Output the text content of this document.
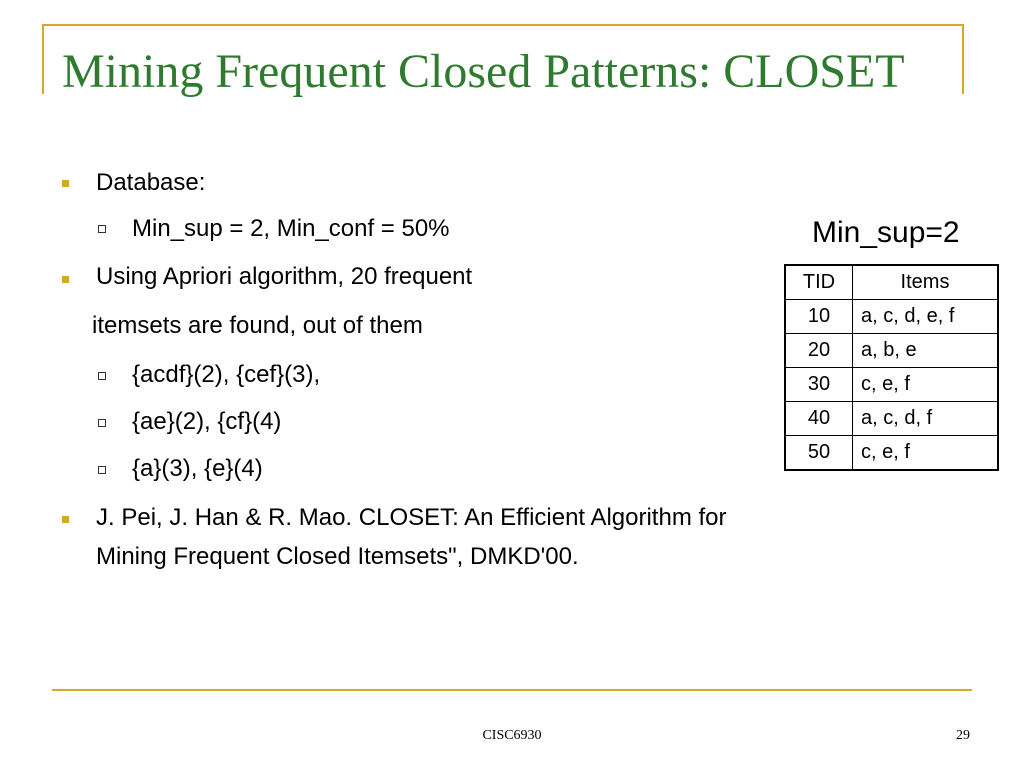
Mining Frequent Closed Patterns: CLOSET
Database:
Min_sup = 2, Min_conf = 50%
Using Apriori algorithm, 20 frequent
itemsets are found, out of them
{acdf}(2), {cef}(3),
{ae}(2), {cf}(4)
{a}(3), {e}(4)
J. Pei, J. Han & R. Mao. CLOSET: An Efficient Algorithm for
Mining Frequent Closed Itemsets", DMKD'00.
Min_sup=2
TID	Items
10	a, c, d, e, f
20	a, b, e
30	c, e, f
40	a, c, d, f
50	c, e, f
CISC6930	29
